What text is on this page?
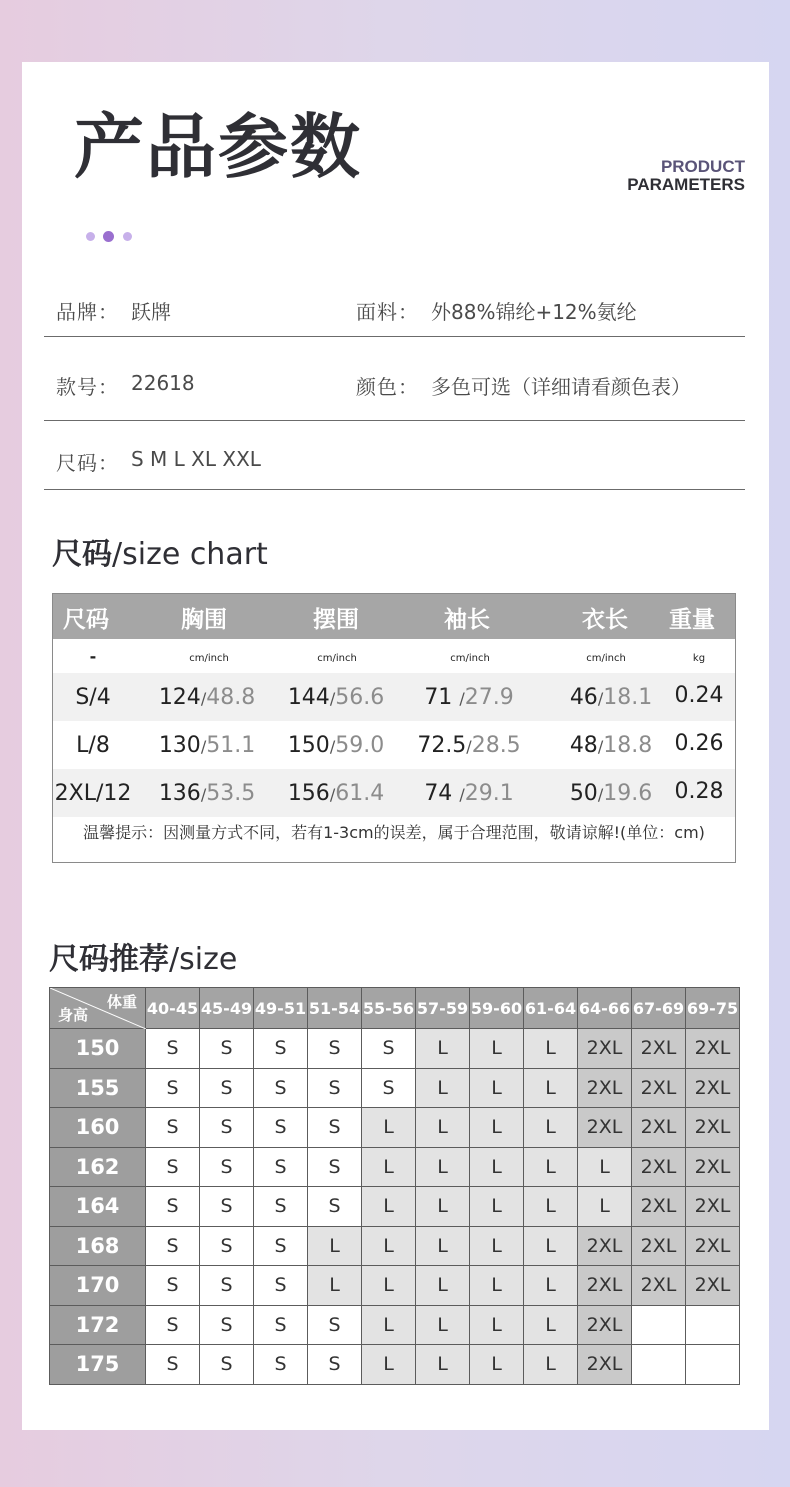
产品参数	PRODUCT
PARAMETERS
品牌： 跃牌	面料： 外88%锦纶+12%氨纶
款号： 22618	颜色： 多色可选（详细请看颜色表）
尺码： S M L XL XXL
尺码/size chart
尺码	胸围	摆围	袖长	衣长 重量
-	cm/inch	cm/inch	cm/inch	cm/inch	kg
S/4 124/48.8 144/56.6 71 /27.9	46/18.1 0.24
L/8 130/51.1 150/59.0 72.5/28.5 48/18.8 0.26
2XL/12 136/53.5 156/61.4 74 /29.1	50/19.6 0.28
温馨提示：因测量方式不同，若有1-3cm的误差，属于合理范围，敬请谅解!(单位：cm)
尺码推荐/size
体重
身高	40-45	45-49	49-51	51-54	55-56	57-59	59-60	61-64	64-66	67-69	69-75
150	S	S	S	S	S	L	L	L	2XL	2XL	2XL
155	S	S	S	S	S	L	L	L	2XL	2XL	2XL
160	S	S	S	S	L	L	L	L	2XL	2XL	2XL
162	S	S	S	S	L	L	L	L	L	2XL	2XL
164	S	S	S	S	L	L	L	L	L	2XL	2XL
168	S	S	S	L	L	L	L	L	2XL	2XL	2XL
170	S	S	S	L	L	L	L	L	2XL	2XL	2XL
172	S	S	S	S	L	L	L	L	2XL		
175	S	S	S	S	L	L	L	L	2XL		
